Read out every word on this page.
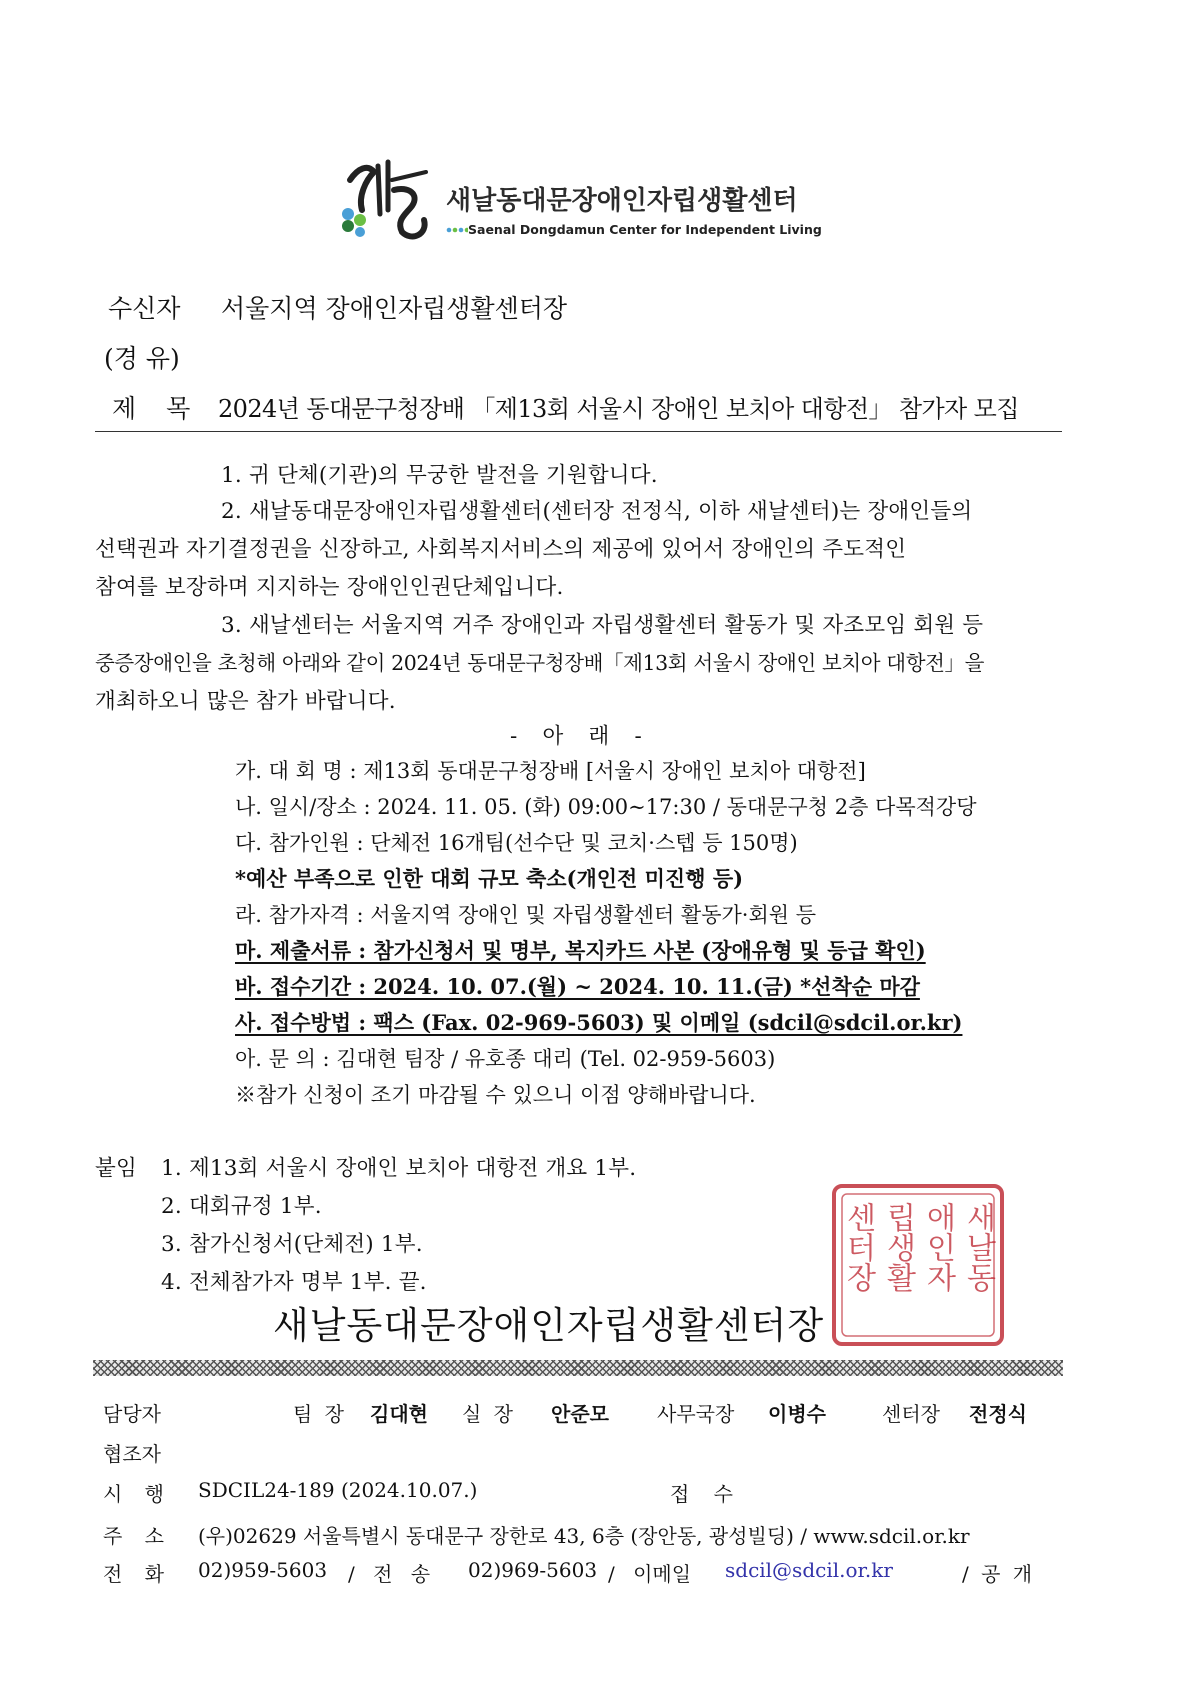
새날동대문장애인자립생활센터
Saenal Dongdamun Center for Independent Living
수신자 서울지역 장애인자립생활센터장
(경 유)
제 목 2024년 동대문구청장배 「제13회 서울시 장애인 보치아 대항전」 참가자 모집
1. 귀 단체(기관)의 무궁한 발전을 기원합니다.
2. 새날동대문장애인자립생활센터(센터장 전정식, 이하 새날센터)는 장애인들의
선택권과 자기결정권을 신장하고, 사회복지서비스의 제공에 있어서 장애인의 주도적인
참여를 보장하며 지지하는 장애인인권단체입니다.
3. 새날센터는 서울지역 거주 장애인과 자립생활센터 활동가 및 자조모임 회원 등
중증장애인을 초청해 아래와 같이 2024년 동대문구청장배「제13회 서울시 장애인 보치아 대항전」을
개최하오니 많은 참가 바랍니다.
- 아 래 -
가. 대 회 명 : 제13회 동대문구청장배 [서울시 장애인 보치아 대항전]
나. 일시/장소 : 2024. 11. 05. (화) 09:00∼17:30 / 동대문구청 2층 다목적강당
다. 참가인원 : 단체전 16개팀(선수단 및 코치·스텝 등 150명)
*예산 부족으로 인한 대회 규모 축소(개인전 미진행 등)
라. 참가자격 : 서울지역 장애인 및 자립생활센터 활동가·회원 등
마. 제출서류 : 참가신청서 및 명부, 복지카드 사본 (장애유형 및 등급 확인)
바. 접수기간 : 2024. 10. 07.(월) ~ 2024. 10. 11.(금) *선착순 마감
사. 접수방법 : 팩스 (Fax. 02-969-5603) 및 이메일 (sdcil@sdcil.or.kr)
아. 문 의 : 김대현 팀장 / 유호종 대리 (Tel. 02-959-5603)
※참가 신청이 조기 마감될 수 있으니 이점 양해바랍니다.
붙임 1. 제13회 서울시 장애인 보치아 대항전 개요 1부.
2. 대회규정 1부.
3. 참가신청서(단체전) 1부.
4. 전체참가자 명부 1부. 끝.	새날동
애인자
립생활
센터장
새날동대문장애인자립생활센터장
담당자	팀 장 김대현 실 장 안준모 사무국장 이병수	센터장 전정식
협조자
시 행 SDCIL24-189 (2024.10.07.)	접 수
주 소 (우)02629 서울특별시 동대문구 장한로 43, 6층 (장안동, 광성빌딩) / www.sdcil.or.kr
전 화 02)959-5603 / 전 송 02)969-5603 / 이메일 sdcil@sdcil.or.kr	/ 공 개
